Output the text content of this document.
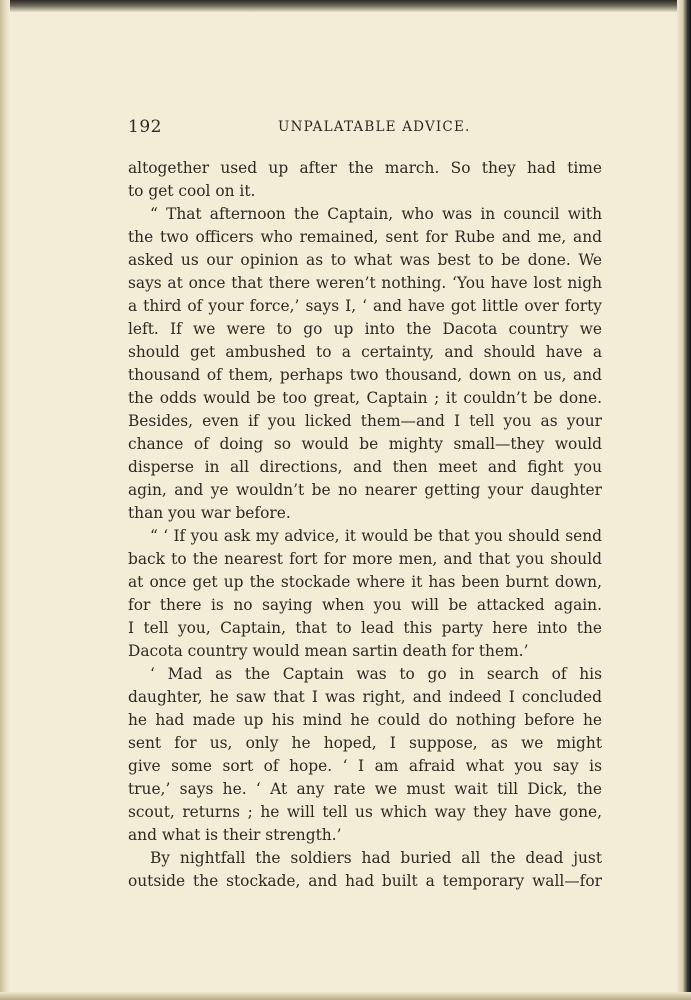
192	UNPALATABLE ADVICE.
altogether used up after the march. So they had time
to get cool on it.
“ That afternoon the Captain, who was in council with
the two officers who remained, sent for Rube and me, and
asked us our opinion as to what was best to be done. We
says at once that there weren’t nothing. ‘You have lost nigh
a third of your force,’ says I, ‘ and have got little over forty
left. If we were to go up into the Dacota country we
should get ambushed to a certainty, and should have a
thousand of them, perhaps two thousand, down on us, and
the odds would be too great, Captain ; it couldn’t be done.
Besides, even if you licked them—and I tell you as your
chance of doing so would be mighty small—they would
disperse in all directions, and then meet and fight you
agin, and ye wouldn’t be no nearer getting your daughter
than you war before.
“ ‘ If you ask my advice, it would be that you should send
back to the nearest fort for more men, and that you should
at once get up the stockade where it has been burnt down,
for there is no saying when you will be attacked again.
I tell you, Captain, that to lead this party here into the
Dacota country would mean sartin death for them.’
‘ Mad as the Captain was to go in search of his
daughter, he saw that I was right, and indeed I concluded
he had made up his mind he could do nothing before he
sent for us, only he hoped, I suppose, as we might
give some sort of hope. ‘ I am afraid what you say is
true,’ says he. ‘ At any rate we must wait till Dick, the
scout, returns ; he will tell us which way they have gone,
and what is their strength.’
By nightfall the soldiers had buried all the dead just
outside the stockade, and had built a temporary wall—for
